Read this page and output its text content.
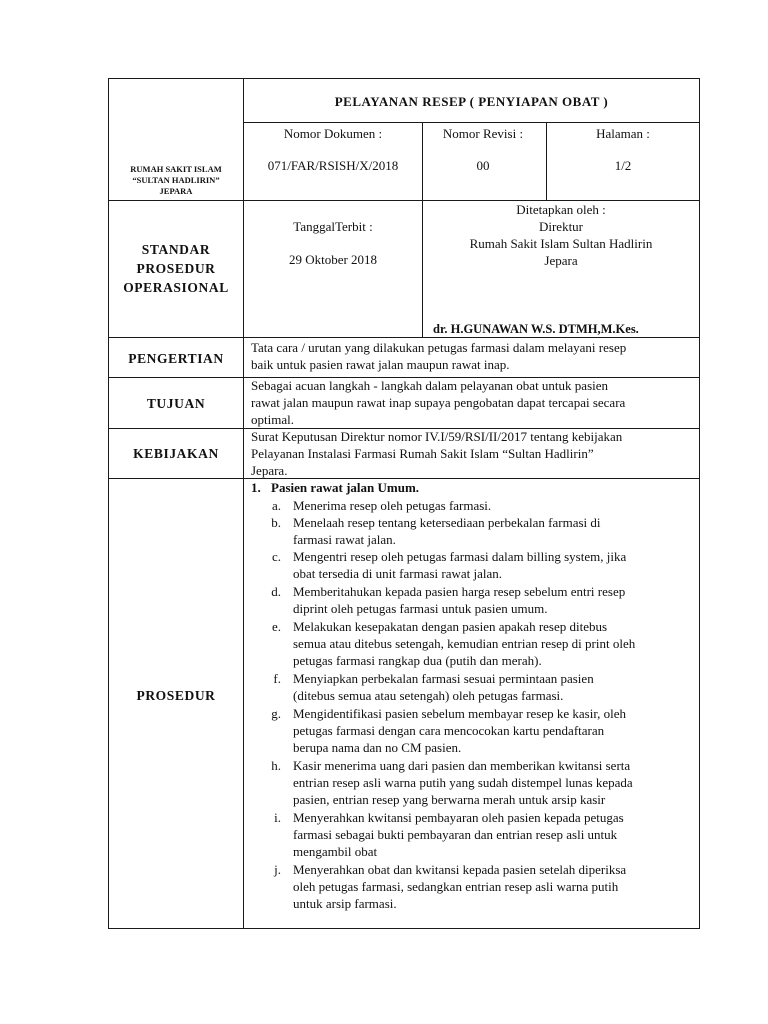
RUMAH SAKIT ISLAM
“SULTAN HADLIRIN”
JEPARA
PELAYANAN RESEP ( PENYIAPAN OBAT )
Nomor Dokumen :
071/FAR/RSISH/X/2018
Nomor Revisi :
00
Halaman :
1/2
STANDAR
PROSEDUR
OPERASIONAL
TanggalTerbit :
29 Oktober 2018
Ditetapkan oleh :
Direktur
Rumah Sakit Islam Sultan Hadlirin
Jepara
dr. H.GUNAWAN W.S. DTMH,M.Kes.
PENGERTIAN
Tata cara / urutan yang dilakukan petugas farmasi dalam melayani resep
baik untuk pasien rawat jalan maupun rawat inap.
TUJUAN
Sebagai acuan langkah - langkah dalam pelayanan obat untuk pasien
rawat jalan maupun rawat inap supaya pengobatan dapat tercapai secara
optimal.
KEBIJAKAN
Surat Keputusan Direktur nomor IV.I/59/RSI/II/2017 tentang kebijakan
Pelayanan Instalasi Farmasi Rumah Sakit Islam “Sultan Hadlirin”
Jepara.
PROSEDUR
1. Pasien rawat jalan Umum.
a. Menerima resep oleh petugas farmasi.
b. Menelaah resep tentang ketersediaan perbekalan farmasi di
farmasi rawat jalan.
c. Mengentri resep oleh petugas farmasi dalam billing system, jika
obat tersedia di unit farmasi rawat jalan.
d. Memberitahukan kepada pasien harga resep sebelum entri resep
diprint oleh petugas farmasi untuk pasien umum.
e. Melakukan kesepakatan dengan pasien apakah resep ditebus
semua atau ditebus setengah, kemudian entrian resep di print oleh
petugas farmasi rangkap dua (putih dan merah).
f. Menyiapkan perbekalan farmasi sesuai permintaan pasien
(ditebus semua atau setengah) oleh petugas farmasi.
g. Mengidentifikasi pasien sebelum membayar resep ke kasir, oleh
petugas farmasi dengan cara mencocokan kartu pendaftaran
berupa nama dan no CM pasien.
h. Kasir menerima uang dari pasien dan memberikan kwitansi serta
entrian resep asli warna putih yang sudah distempel lunas kepada
pasien, entrian resep yang berwarna merah untuk arsip kasir
i. Menyerahkan kwitansi pembayaran oleh pasien kepada petugas
farmasi sebagai bukti pembayaran dan entrian resep asli untuk
mengambil obat
j. Menyerahkan obat dan kwitansi kepada pasien setelah diperiksa
oleh petugas farmasi, sedangkan entrian resep asli warna putih
untuk arsip farmasi.
